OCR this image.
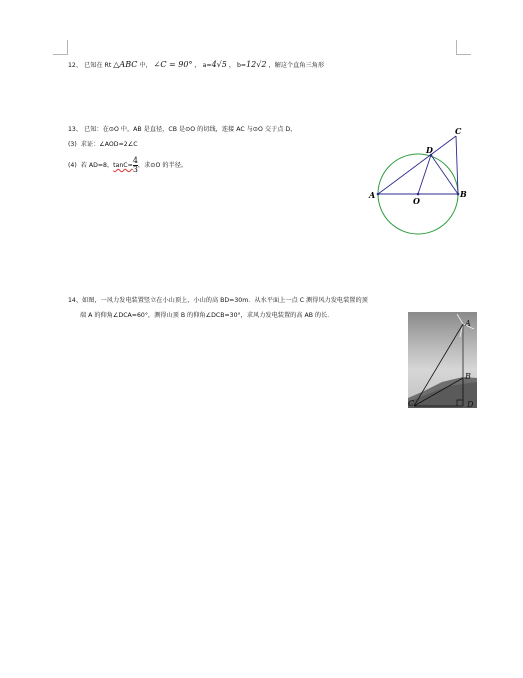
12、 已知在 Rt △ABC 中， ∠C = 90° ， a=4√5 ， b=12√2 ，解这个直角三角形
13、 已知：在⊙O 中，AB 是直径，CB 是⊙O 的切线，连接 AC 与⊙O 交于点 D，
(3) 求证：∠AOD=2∠C
(4) 若 AD=8，$\tan C= \frac{4}{3}$ ，求⊙O 的半径。
A	B
C
D
O
14、如图，一风力发电装置竖立在小山顶上，小山的高 BD=30m．从水平面上一点 C 测得风力发电装置的顶
端 A 的仰角∠DCA=60°，测得山顶 B 的仰角∠DCB=30°，求风力发电装置的高 AB 的长．
A
B
C	D
